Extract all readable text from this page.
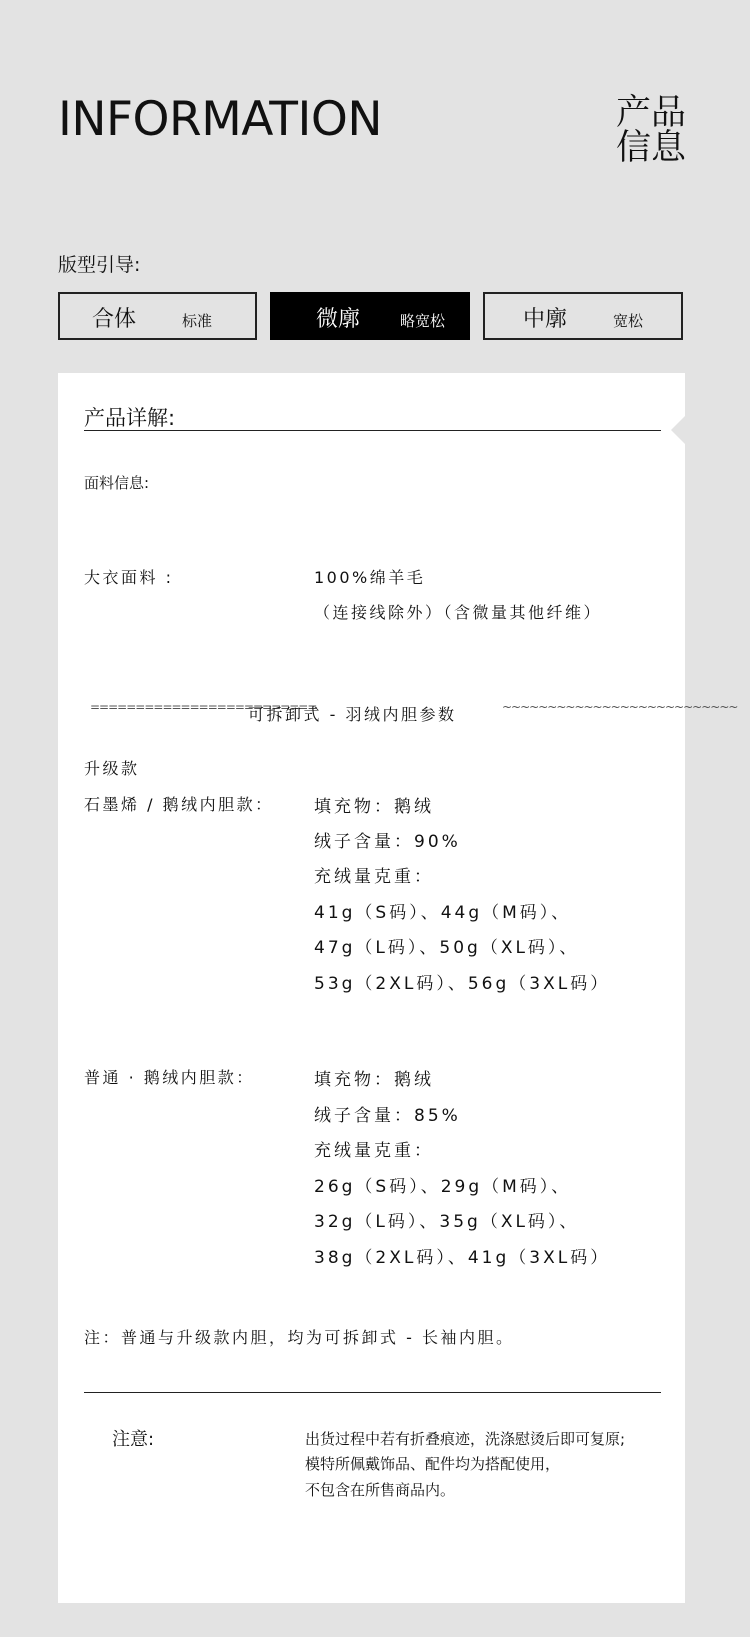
INFORMATION	产品信息
版型引导:
合体	标准	微廓	略宽松	中廓	宽松
产品详解:
面料信息:
大衣面料 :	100%绵羊毛
（连接线除外）（含微量其他纤维）
=========================
可拆卸式 - 羽绒内胆参数	~~~~~~~~~~~~~~~~~~~~~~~~~~
升级款
石墨烯 / 鹅绒内胆款： 填充物：鹅绒
绒子含量：90%
充绒量克重：
41g（S码）、44g（M码）、
47g（L码）、50g（XL码）、
53g（2XL码）、56g（3XL码）
普通 · 鹅绒内胆款：	填充物：鹅绒
绒子含量：85%
充绒量克重：
26g（S码）、29g（M码）、
32g（L码）、35g（XL码）、
38g（2XL码）、41g（3XL码）
注：普通与升级款内胆，均为可拆卸式 - 长袖内胆。
注意:	出货过程中若有折叠痕迹，洗涤慰烫后即可复原;
模特所佩戴饰品、配件均为搭配使用，
不包含在所售商品内。
